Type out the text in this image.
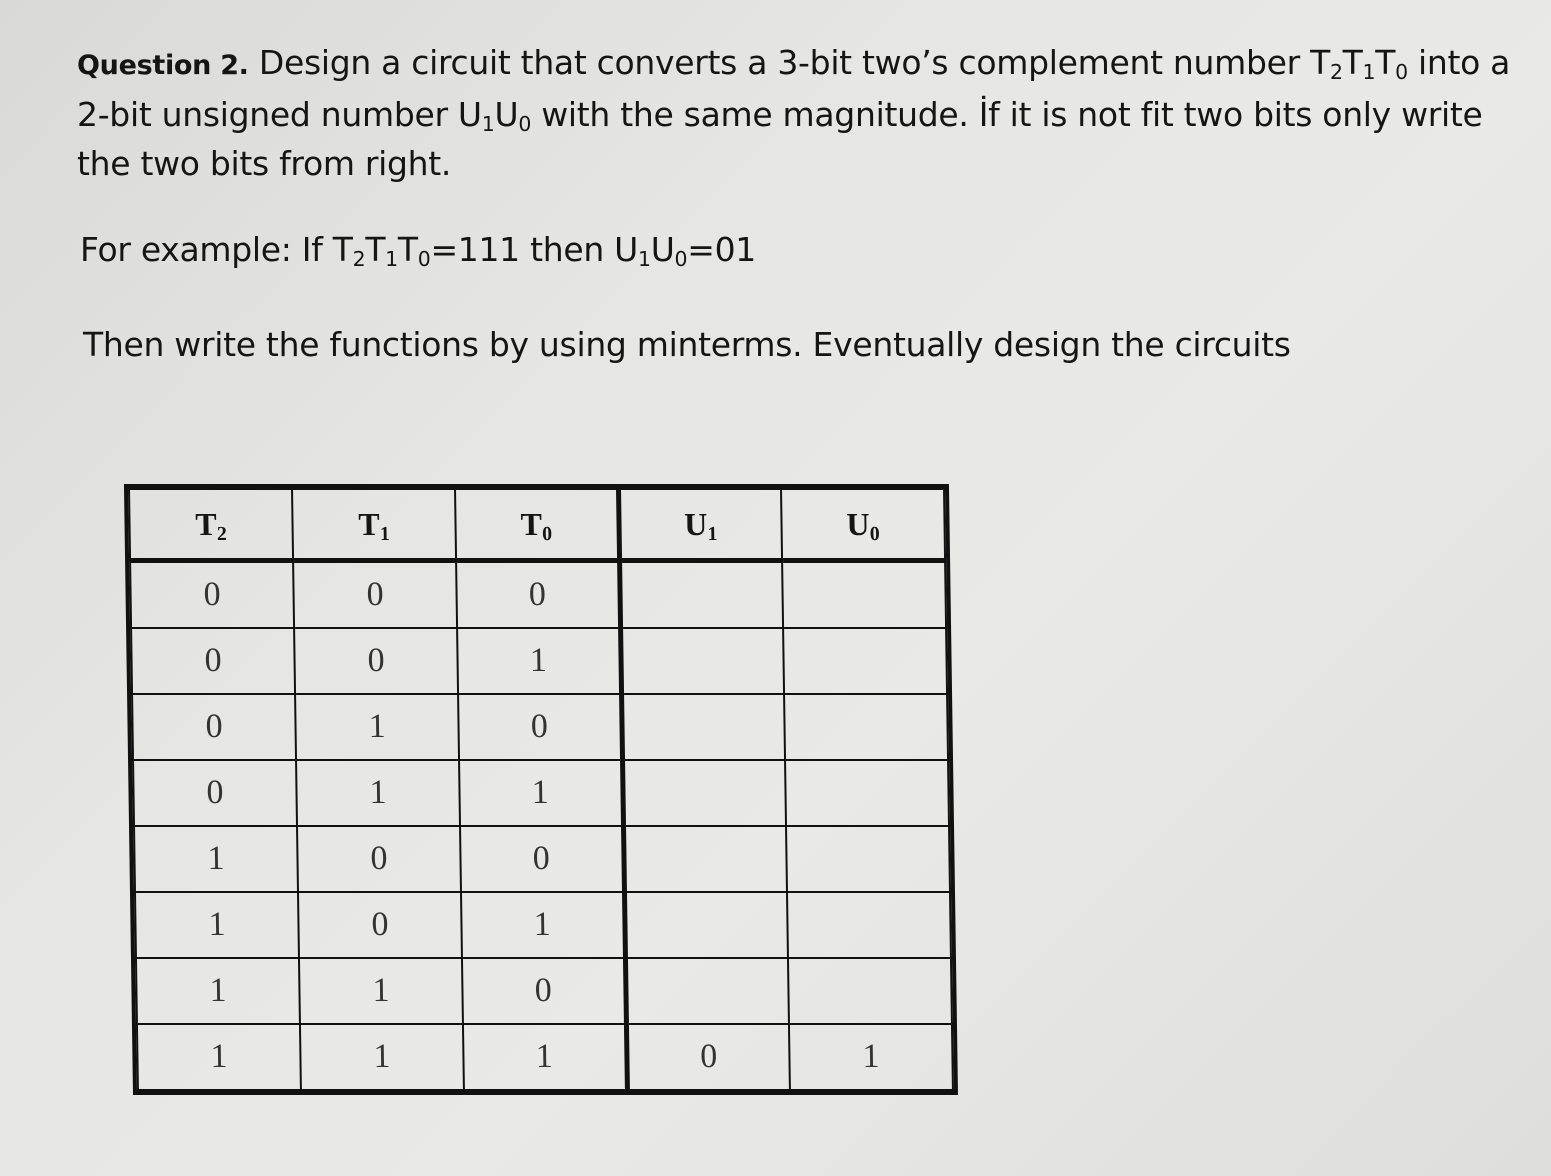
Question 2. Design a circuit that converts a 3-bit two’s complement number $T_2T_1T_0$ into a 2-bit unsigned number $U_1U_0$ with the same magnitude. İf it is not fit two bits only write the two bits from right.
For example: If $T_2T_1T_0=111$ then $U_1U_0=01$
Then write the functions by using minterms. Eventually design the circuits
$T_2$	$T_1$	$T_0$	$U_1$	$U_0$
0	0	0		
0	0	1		
0	1	0		
0	1	1		
1	0	0		
1	0	1		
1	1	0		
1	1	1	0	1
